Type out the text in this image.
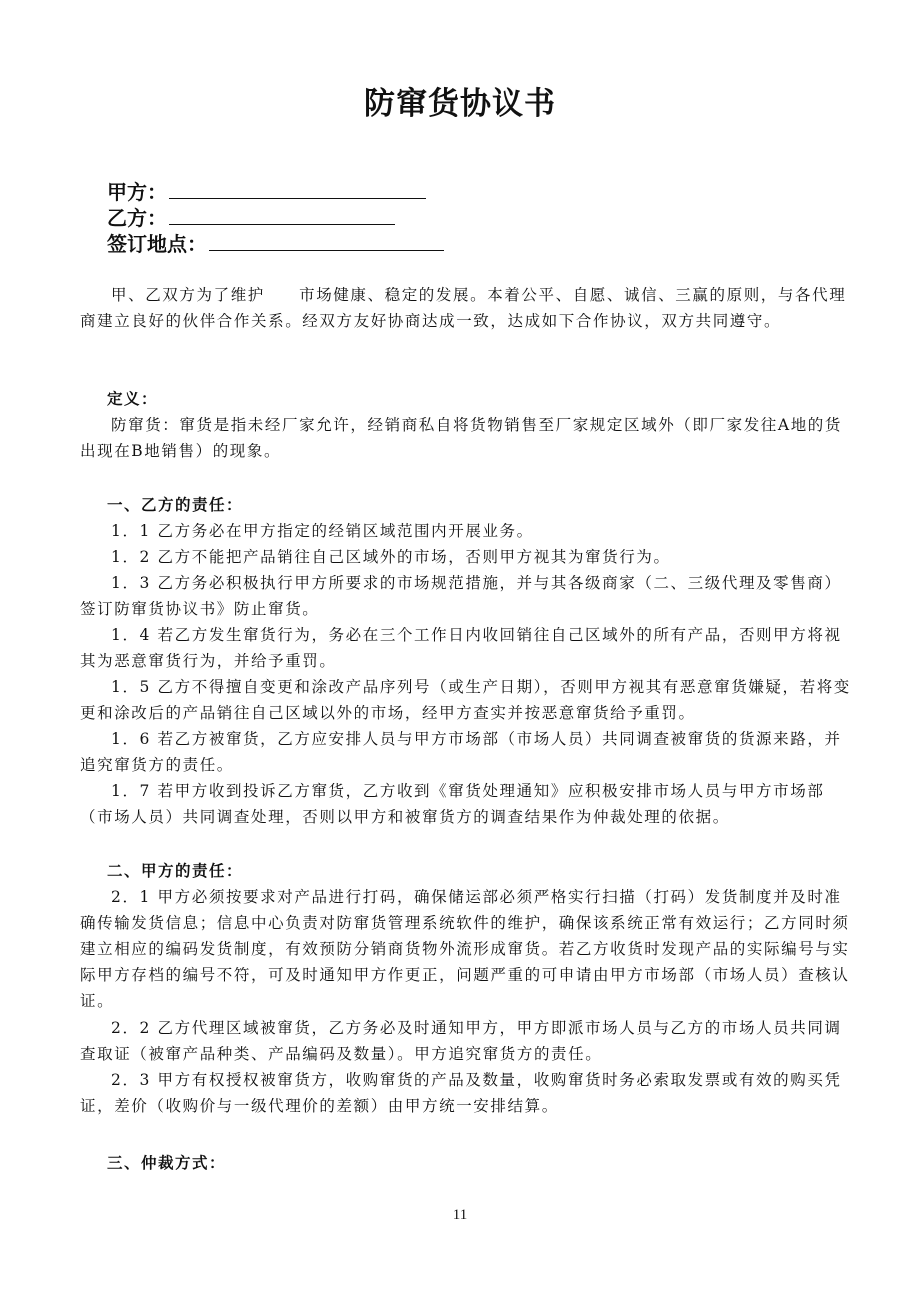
防窜货协议书
甲方：
乙方：
签订地点：
甲、乙双方为了维护　　市场健康、稳定的发展。本着公平、自愿、诚信、三赢的原则，与各代理商建立良好的伙伴合作关系。经双方友好协商达成一致，达成如下合作协议，双方共同遵守。
定义：
防窜货：窜货是指未经厂家允许，经销商私自将货物销售至厂家规定区域外（即厂家发往A地的货出现在B地销售）的现象。
一、乙方的责任：
1．1 乙方务必在甲方指定的经销区域范围内开展业务。
1．2 乙方不能把产品销往自己区域外的市场，否则甲方视其为窜货行为。
1．3 乙方务必积极执行甲方所要求的市场规范措施，并与其各级商家（二、三级代理及零售商）签订防窜货协议书》防止窜货。
1．4 若乙方发生窜货行为，务必在三个工作日内收回销往自己区域外的所有产品，否则甲方将视其为恶意窜货行为，并给予重罚。
1．5 乙方不得擅自变更和涂改产品序列号（或生产日期），否则甲方视其有恶意窜货嫌疑，若将变更和涂改后的产品销往自己区域以外的市场，经甲方查实并按恶意窜货给予重罚。
1．6 若乙方被窜货，乙方应安排人员与甲方市场部（市场人员）共同调查被窜货的货源来路，并追究窜货方的责任。
1．7 若甲方收到投诉乙方窜货，乙方收到《窜货处理通知》应积极安排市场人员与甲方市场部（市场人员）共同调查处理，否则以甲方和被窜货方的调查结果作为仲裁处理的依据。
二、甲方的责任：
2．1 甲方必须按要求对产品进行打码，确保储运部必须严格实行扫描（打码）发货制度并及时准确传输发货信息；信息中心负责对防窜货管理系统软件的维护，确保该系统正常有效运行；乙方同时须建立相应的编码发货制度，有效预防分销商货物外流形成窜货。若乙方收货时发现产品的实际编号与实际甲方存档的编号不符，可及时通知甲方作更正，问题严重的可申请由甲方市场部（市场人员）查核认证。
2．2 乙方代理区域被窜货，乙方务必及时通知甲方，甲方即派市场人员与乙方的市场人员共同调查取证（被窜产品种类、产品编码及数量）。甲方追究窜货方的责任。
2．3 甲方有权授权被窜货方，收购窜货的产品及数量，收购窜货时务必索取发票或有效的购买凭证，差价（收购价与一级代理价的差额）由甲方统一安排结算。
三、仲裁方式：
11
